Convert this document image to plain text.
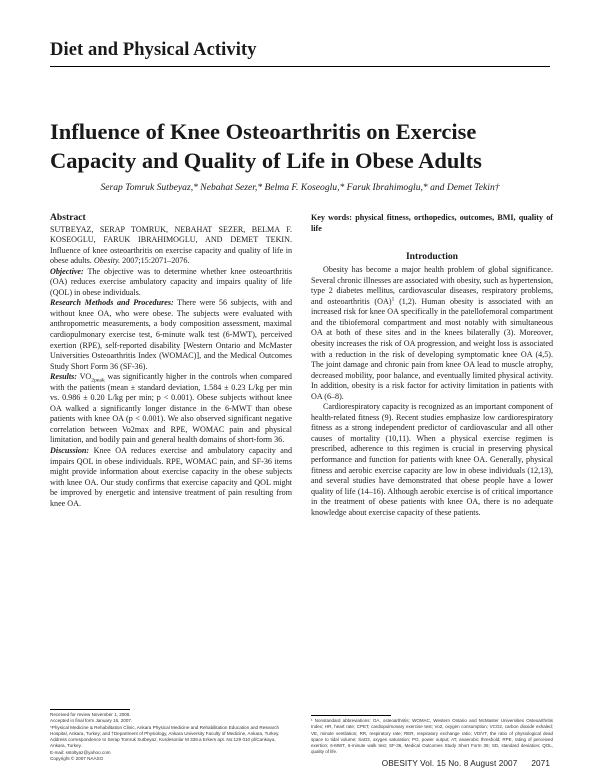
Diet and Physical Activity
Influence of Knee Osteoarthritis on Exercise
Capacity and Quality of Life in Obese Adults
Serap Tomruk Sutbeyaz,* Nebahat Sezer,* Belma F. Koseoglu,* Faruk Ibrahimoglu,* and Demet Tekin†
Abstract

SUTBEYAZ, SERAP TOMRUK, NEBAHAT SEZER, BELMA F. KOSEOGLU, FARUK IBRAHIMOGLU, AND DEMET TEKIN. Influence of knee osteoarthritis on exercise capacity and quality of life in obese adults. Obesity. 2007;15:2071–2076.

Objective: The objective was to determine whether knee osteoarthritis (OA) reduces exercise ambulatory capacity and impairs quality of life (QOL) in obese individuals.

Research Methods and Procedures: There were 56 subjects, with and without knee OA, who were obese. The subjects were evaluated with anthropometric measurements, a body composition assessment, maximal cardiopulmonary exercise test, 6-minute walk test (6-MWT), perceived exertion (RPE), self-reported disability [Western Ontario and McMaster Universities Osteoarthritis Index (WOMAC)], and the Medical Outcomes Study Short Form 36 (SF-36).

Results: $VO_{2peak}$ was significantly higher in the controls when compared with the patients (mean ± standard deviation, 1.584 ± 0.23 L/kg per min vs. 0.986 ± 0.20 L/kg per min; p < 0.001). Obese subjects without knee OA walked a significantly longer distance in the 6-MWT than obese patients with knee OA (p < 0.001). We also observed significant negative correlation between Vo2max and RPE, WOMAC pain and physical limitation, and bodily pain and general health domains of short-form 36.

Discussion: Knee OA reduces exercise and ambulatory capacity and impairs QOL in obese individuals. RPE, WOMAC pain, and SF-36 items might provide information about exercise capacity in the obese subjects with knee OA. Our study confirms that exercise capacity and QOL might be improved by energetic and intensive treatment of pain resulting from knee OA.

Key words: physical fitness, orthopedics, outcomes, BMI, quality of life

Introduction

Obesity has become a major health problem of global significance. Several chronic illnesses are associated with obesity, such as hypertension, type 2 diabetes mellitus, cardiovascular diseases, respiratory problems, and osteoarthritis (OA)$^1$ (1,2). Human obesity is associated with an increased risk for knee OA specifically in the patellofemoral compartment and the tibiofemoral compartment and most notably with simultaneous OA at both of these sites and in the knees bilaterally (3). Moreover, obesity increases the risk of OA progression, and weight loss is associated with a reduction in the risk of developing symptomatic knee OA (4,5). The joint damage and chronic pain from knee OA lead to muscle atrophy, decreased mobility, poor balance, and eventually limited physical activity. In addition, obesity is a risk factor for activity limitation in patients with OA (6–8).

Cardiorespiratory capacity is recognized as an important component of health-related fitness (9). Recent studies emphasize low cardiorespiratory fitness as a strong independent predictor of cardiovascular and all other causes of mortality (10,11). When a physical exercise regimen is prescribed, adherence to this regimen is crucial in preserving physical performance and function for patients with knee OA. Generally, physical fitness and aerobic exercise capacity are low in obese individuals (12,13), and several studies have demonstrated that obese people have a lower quality of life (14–16). Although aerobic exercise is of critical importance in the treatment of obese patients with knee OA, there is no adequate knowledge about exercise capacity of these patients.

Received for review November 1, 2006.

Accepted in final form January 16, 2007.

*Physical Medicine & Rehabilitation Clinic, Ankara Physical Medicine and Rehabilitation Education and Research Hospital, Ankara, Turkey; and †Department of Physiology, Ankara University Faculty of Medicine, Ankara, Turkey.

Address correspondence to Serap Tomruk Sutbeyaz, Kurdesonlar M 339.a Erkem apt. No:129 010 pl/Cankaya, Ankara, Turkey.

E-mail: sstoltyaz@yahoo.com

Copyright © 2007 NAASO

¹ Nonstandard abbreviations: OA, osteoarthritis; WOMAC, Western Ontario and McMaster Universities Osteoarthritis Index; HR, heart rate; CPET, cardiopulmonary exercise test; Vo2, oxygen consumption; VCO2, carbon dioxide exhaled; VE, minute ventilation; RR, respiratory rate; RER, respiratory exchange ratio; VD/VT, the ratio of physiological dead space to tidal volume; SaO2, oxygen saturation; PO, power output; AT, anaerobic threshold; RPE, rating of perceived exertion; 6-MWT, 6-minute walk test; SF-36, Medical Outcomes Study Short Form 36; SD, standard deviation; QOL, quality of life.

OBESITY Vol. 15 No. 8 August 2007 2071
